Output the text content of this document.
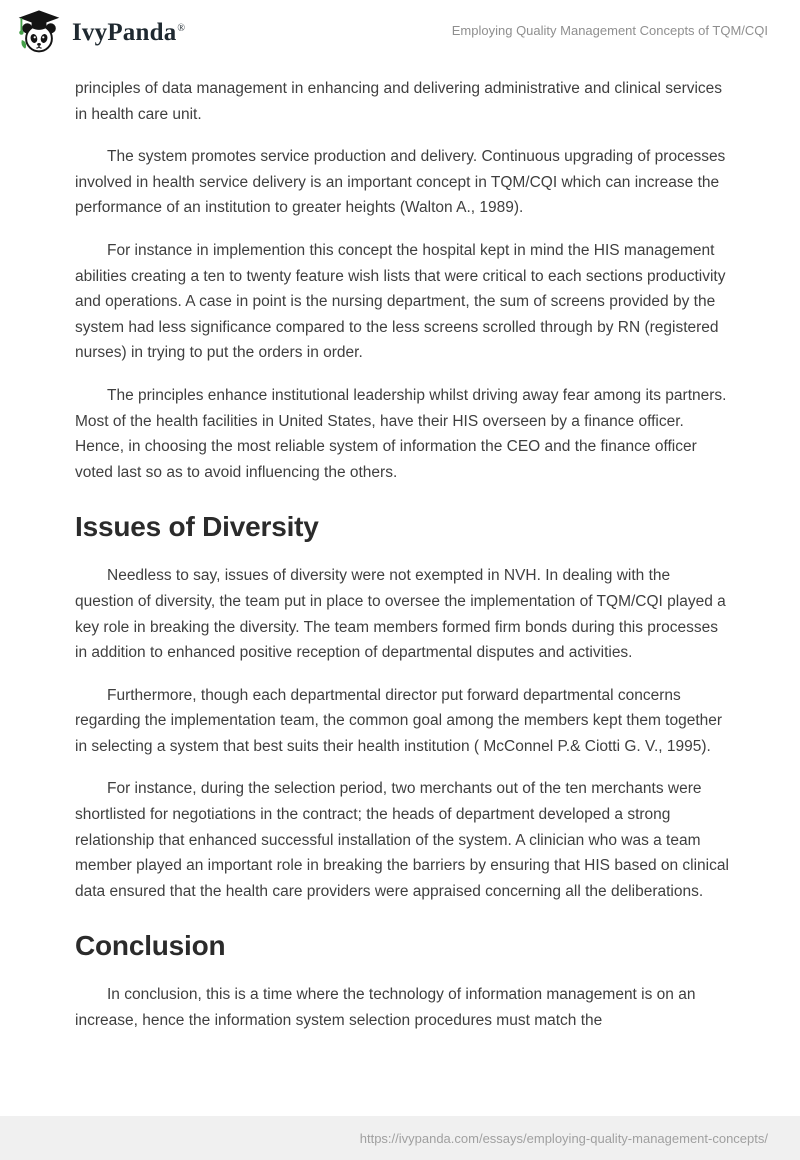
IvyPanda®	Employing Quality Management Concepts of TQM/CQI

principles of data management in enhancing and delivering administrative and clinical services in health care unit.

The system promotes service production and delivery. Continuous upgrading of processes involved in health service delivery is an important concept in TQM/CQI which can increase the performance of an institution to greater heights (Walton A., 1989).

For instance in implemention this concept the hospital kept in mind the HIS management abilities creating a ten to twenty feature wish lists that were critical to each sections productivity and operations. A case in point is the nursing department, the sum of screens provided by the system had less significance compared to the less screens scrolled through by RN (registered nurses) in trying to put the orders in order.

The principles enhance institutional leadership whilst driving away fear among its partners. Most of the health facilities in United States, have their HIS overseen by a finance officer. Hence, in choosing the most reliable system of information the CEO and the finance officer voted last so as to avoid influencing the others.

Issues of Diversity

Needless to say, issues of diversity were not exempted in NVH. In dealing with the question of diversity, the team put in place to oversee the implementation of TQM/CQI played a key role in breaking the diversity. The team members formed firm bonds during this processes in addition to enhanced positive reception of departmental disputes and activities.

Furthermore, though each departmental director put forward departmental concerns regarding the implementation team, the common goal among the members kept them together in selecting a system that best suits their health institution ( McConnel P.& Ciotti G. V., 1995).

For instance, during the selection period, two merchants out of the ten merchants were shortlisted for negotiations in the contract; the heads of department developed a strong relationship that enhanced successful installation of the system. A clinician who was a team member played an important role in breaking the barriers by ensuring that HIS based on clinical data ensured that the health care providers were appraised concerning all the deliberations.

Conclusion

In conclusion, this is a time where the technology of information management is on an increase, hence the information system selection procedures must match the

https://ivypanda.com/essays/employing-quality-management-concepts/
